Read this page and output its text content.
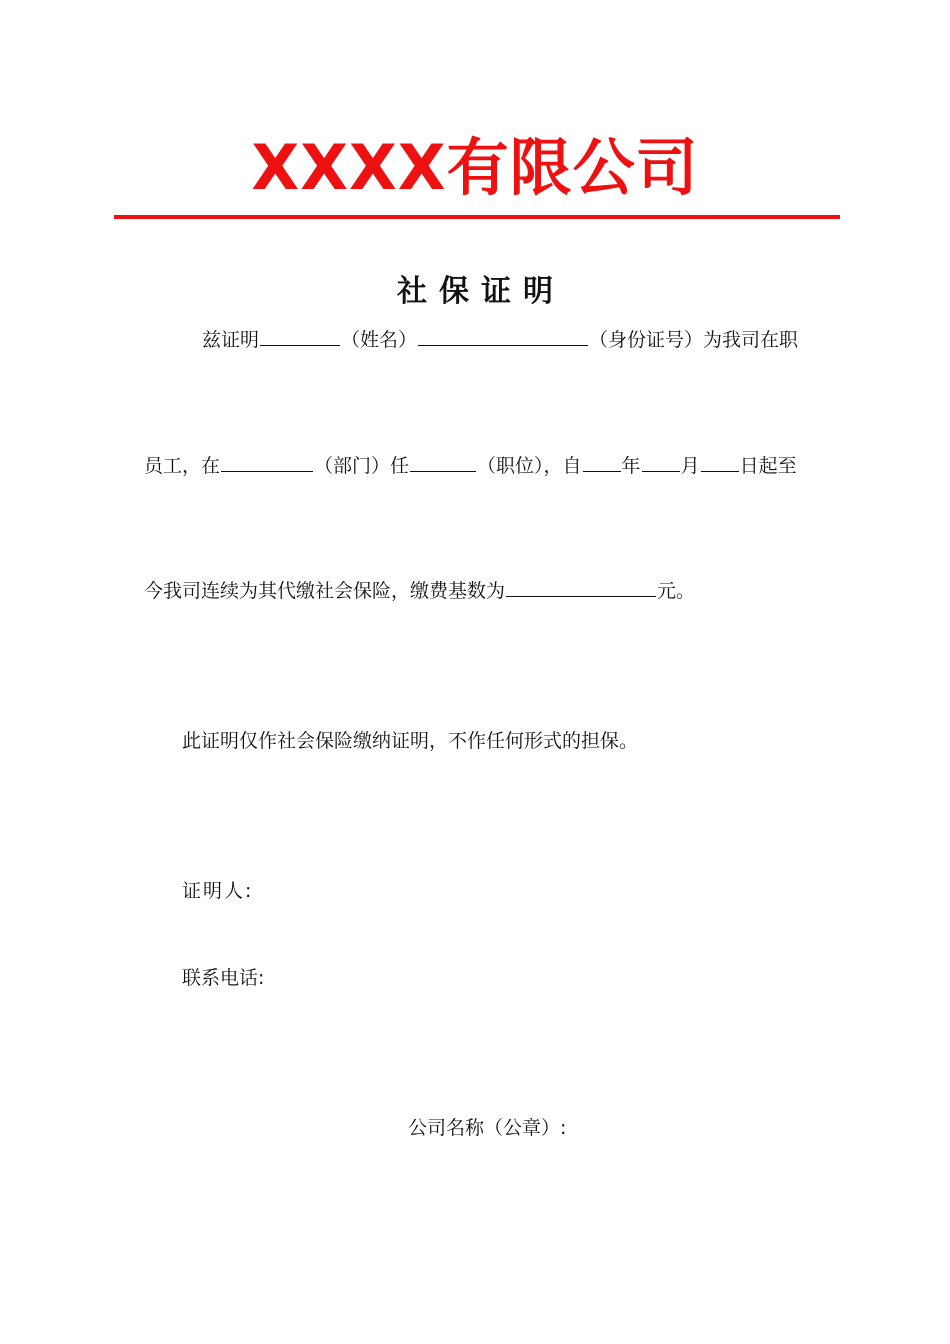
XXXX有限公司
社保证明
兹证明	（姓名）	（身份证号）为我司在职
员工，在	（部门）任	（职位），自 年 月 日起至
今我司连续为其代缴社会保险，缴费基数为	元。
此证明仅作社会保险缴纳证明，不作任何形式的担保。
证明人:
联系电话:
公司名称（公章）:
